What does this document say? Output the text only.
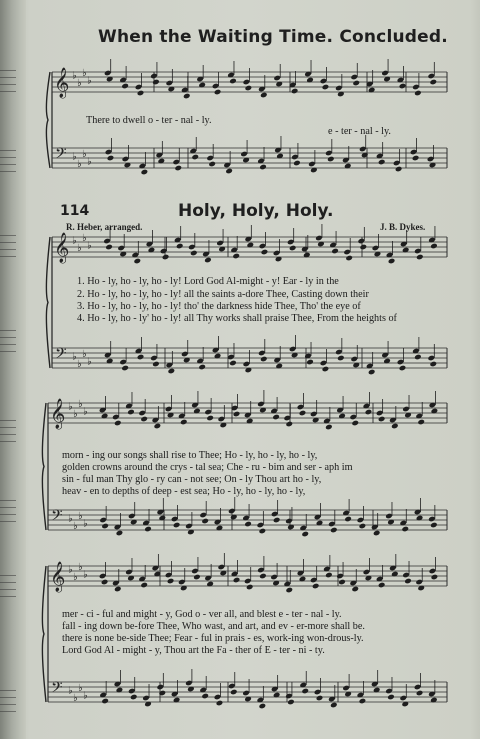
𝄞
𝄢
♭
♭
♭
♭
♭
♭
♭
♭
𝄞
𝄢
♭
♭
♭
♭
♭
♭
♭
♭
𝄞
𝄢
♭
♭
♭
♭
♭
♭
♭
♭
𝄞
𝄢
♭
♭
♭
♭
♭
♭
♭
♭
When the Waiting Time. Concluded.
There to dwell o - ter - nal - ly.
e - ter - nal - ly.
114	Holy, Holy, Holy.
R. Heber, arranged.	J. B. Dykes.
1. Ho - ly, ho - ly, ho - ly! Lord God Al-might - y! Ear - ly in the
2. Ho - ly, ho - ly, ho - ly! all the saints a-dore Thee, Casting down their
3. Ho - ly, ho - ly, ho - ly! tho' the darkness hide Thee, Tho' the eye of
4. Ho - ly, ho - ly' ho - ly! all Thy works shall praise Thee, From the heights of
morn - ing our songs shall rise to Thee; Ho - ly, ho - ly, ho - ly,
golden crowns around the crys - tal sea; Che - ru - bim and ser - aph im
sin - ful man Thy glo - ry can - not see; On - ly Thou art ho - ly,
heav - en to depths of deep - est sea; Ho - ly, ho - ly, ho - ly,
mer - ci - ful and might - y, God o - ver all, and blest e - ter - nal - ly.
fall - ing down be-fore Thee, Who wast, and art, and ev - er-more shall be.
there is none be-side Thee; Fear - ful in prais - es, work-ing won-drous-ly.
Lord God Al - might - y, Thou art the Fa - ther of E - ter - ni - ty.
